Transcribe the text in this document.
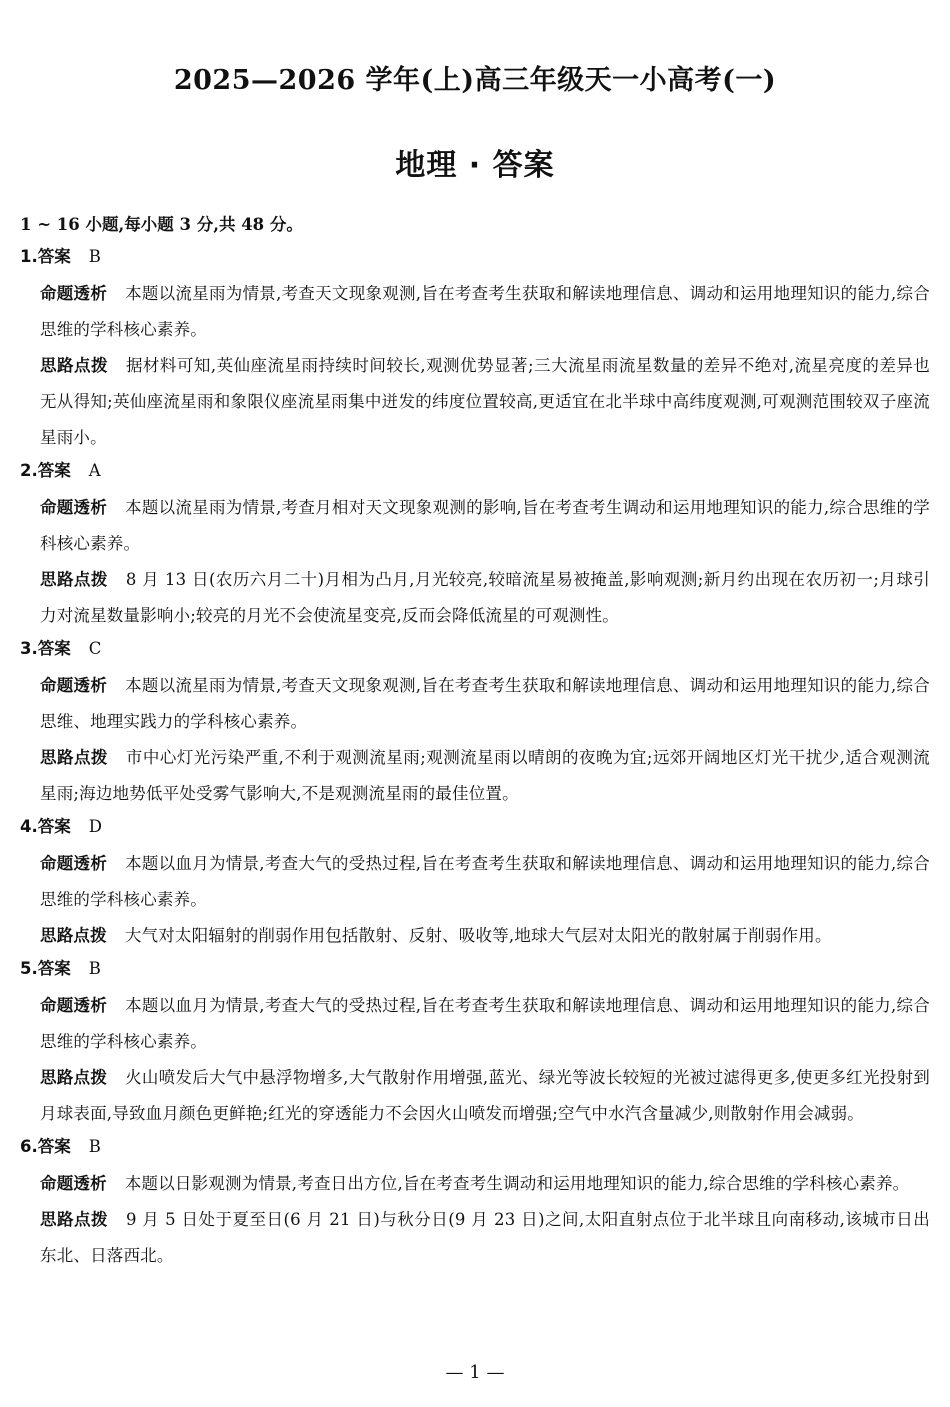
2025—2026 学年(上)高三年级天一小高考(一)
地理 · 答案
1 ~ 16 小题,每小题 3 分,共 48 分。
1.答案 B
命题透析 本题以流星雨为情景,考查天文现象观测,旨在考查考生获取和解读地理信息、调动和运用地理知识的能力,综合思维的学科核心素养。
思路点拨 据材料可知,英仙座流星雨持续时间较长,观测优势显著;三大流星雨流星数量的差异不绝对,流星亮度的差异也无从得知;英仙座流星雨和象限仪座流星雨集中迸发的纬度位置较高,更适宜在北半球中高纬度观测,可观测范围较双子座流星雨小。
2.答案 A
命题透析 本题以流星雨为情景,考查月相对天文现象观测的影响,旨在考查考生调动和运用地理知识的能力,综合思维的学科核心素养。
思路点拨 8 月 13 日(农历六月二十)月相为凸月,月光较亮,较暗流星易被掩盖,影响观测;新月约出现在农历初一;月球引力对流星数量影响小;较亮的月光不会使流星变亮,反而会降低流星的可观测性。
3.答案 C
命题透析 本题以流星雨为情景,考查天文现象观测,旨在考查考生获取和解读地理信息、调动和运用地理知识的能力,综合思维、地理实践力的学科核心素养。
思路点拨 市中心灯光污染严重,不利于观测流星雨;观测流星雨以晴朗的夜晚为宜;远郊开阔地区灯光干扰少,适合观测流星雨;海边地势低平处受雾气影响大,不是观测流星雨的最佳位置。
4.答案 D
命题透析 本题以血月为情景,考查大气的受热过程,旨在考查考生获取和解读地理信息、调动和运用地理知识的能力,综合思维的学科核心素养。
思路点拨 大气对太阳辐射的削弱作用包括散射、反射、吸收等,地球大气层对太阳光的散射属于削弱作用。
5.答案 B
命题透析 本题以血月为情景,考查大气的受热过程,旨在考查考生获取和解读地理信息、调动和运用地理知识的能力,综合思维的学科核心素养。
思路点拨 火山喷发后大气中悬浮物增多,大气散射作用增强,蓝光、绿光等波长较短的光被过滤得更多,使更多红光投射到月球表面,导致血月颜色更鲜艳;红光的穿透能力不会因火山喷发而增强;空气中水汽含量减少,则散射作用会减弱。
6.答案 B
命题透析 本题以日影观测为情景,考查日出方位,旨在考查考生调动和运用地理知识的能力,综合思维的学科核心素养。
思路点拨 9 月 5 日处于夏至日(6 月 21 日)与秋分日(9 月 23 日)之间,太阳直射点位于北半球且向南移动,该城市日出东北、日落西北。
— 1 —
